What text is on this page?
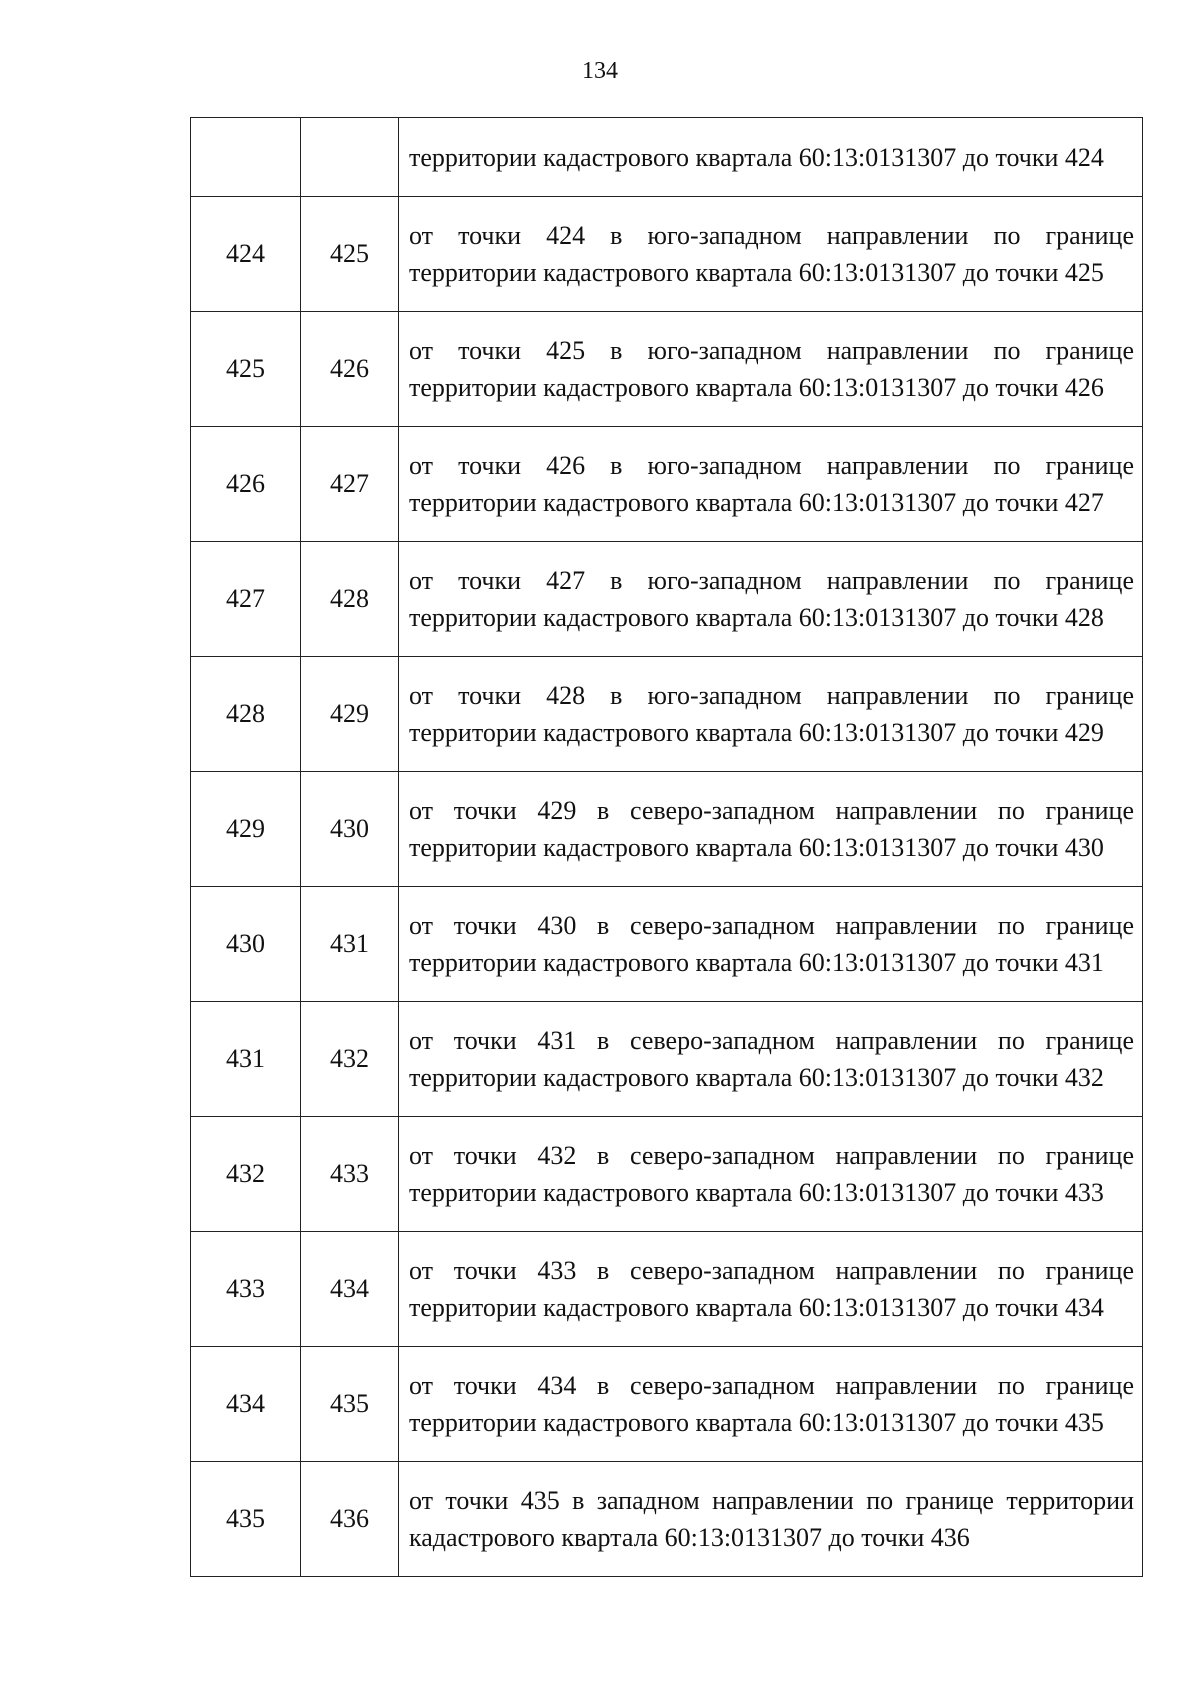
134
		территории кадастрового квартала 60:13:0131307 до точки 424
424	425	от точки 424 в юго-западном направлении по границе территории кадастрового квартала 60:13:0131307 до точки 425
425	426	от точки 425 в юго-западном направлении по границе территории кадастрового квартала 60:13:0131307 до точки 426
426	427	от точки 426 в юго-западном направлении по границе территории кадастрового квартала 60:13:0131307 до точки 427
427	428	от точки 427 в юго-западном направлении по границе территории кадастрового квартала 60:13:0131307 до точки 428
428	429	от точки 428 в юго-западном направлении по границе территории кадастрового квартала 60:13:0131307 до точки 429
429	430	от точки 429 в северо-западном направлении по границе территории кадастрового квартала 60:13:0131307 до точки 430
430	431	от точки 430 в северо-западном направлении по границе территории кадастрового квартала 60:13:0131307 до точки 431
431	432	от точки 431 в северо-западном направлении по границе территории кадастрового квартала 60:13:0131307 до точки 432
432	433	от точки 432 в северо-западном направлении по границе территории кадастрового квартала 60:13:0131307 до точки 433
433	434	от точки 433 в северо-западном направлении по границе территории кадастрового квартала 60:13:0131307 до точки 434
434	435	от точки 434 в северо-западном направлении по границе территории кадастрового квартала 60:13:0131307 до точки 435
435	436	от точки 435 в западном направлении по границе территории кадастрового квартала 60:13:0131307 до точки 436
